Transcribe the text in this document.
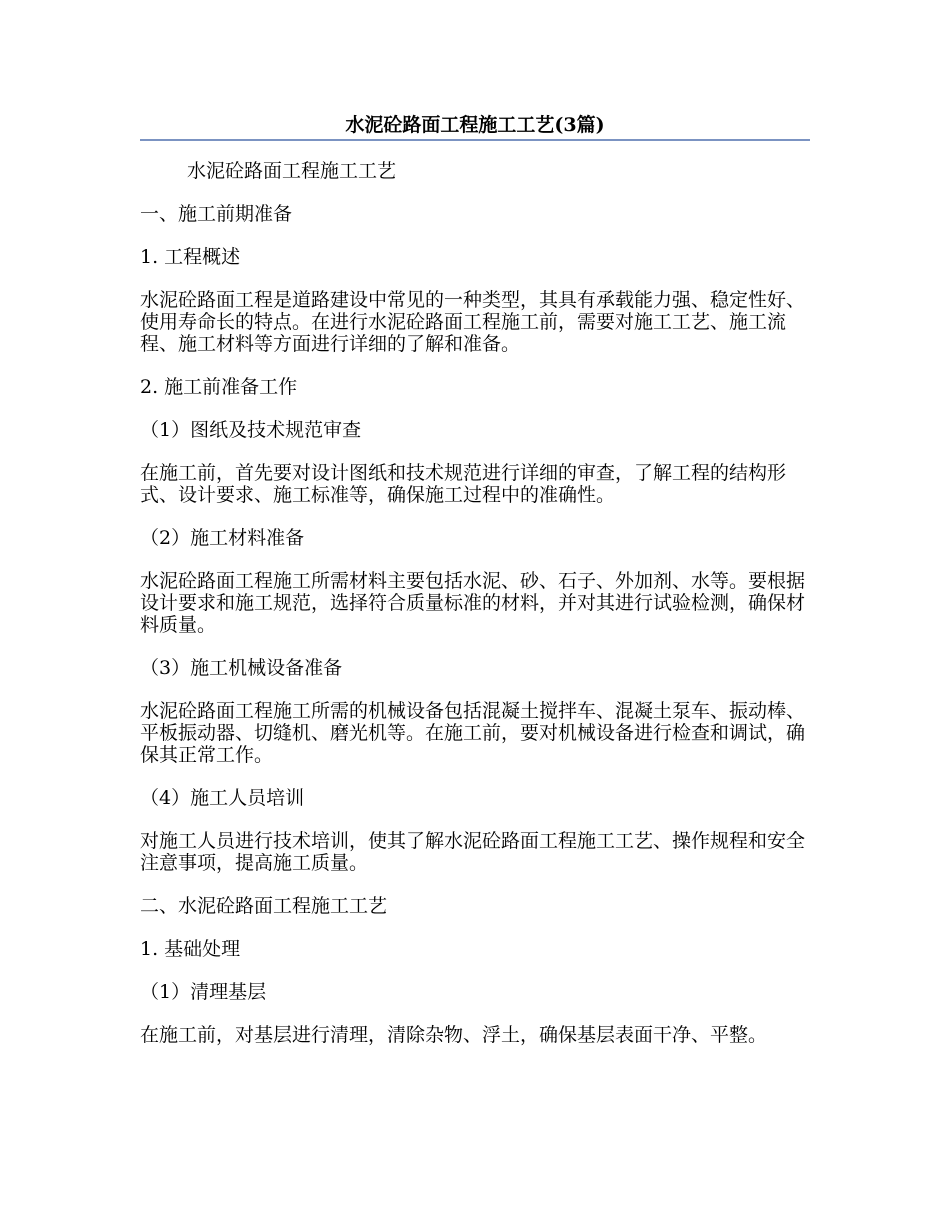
水泥砼路面工程施工工艺(3篇)

水泥砼路面工程施工工艺

一、施工前期准备

1. 工程概述

水泥砼路面工程是道路建设中常见的一种类型，其具有承载能力强、稳定性好、使用寿命长的特点。在进行水泥砼路面工程施工前，需要对施工工艺、施工流程、施工材料等方面进行详细的了解和准备。

2. 施工前准备工作

（1）图纸及技术规范审查

在施工前，首先要对设计图纸和技术规范进行详细的审查，了解工程的结构形式、设计要求、施工标准等，确保施工过程中的准确性。

（2）施工材料准备

水泥砼路面工程施工所需材料主要包括水泥、砂、石子、外加剂、水等。要根据设计要求和施工规范，选择符合质量标准的材料，并对其进行试验检测，确保材料质量。

（3）施工机械设备准备

水泥砼路面工程施工所需的机械设备包括混凝土搅拌车、混凝土泵车、振动棒、平板振动器、切缝机、磨光机等。在施工前，要对机械设备进行检查和调试，确保其正常工作。

（4）施工人员培训

对施工人员进行技术培训，使其了解水泥砼路面工程施工工艺、操作规程和安全注意事项，提高施工质量。

二、水泥砼路面工程施工工艺

1. 基础处理

（1）清理基层

在施工前，对基层进行清理，清除杂物、浮土，确保基层表面干净、平整。
